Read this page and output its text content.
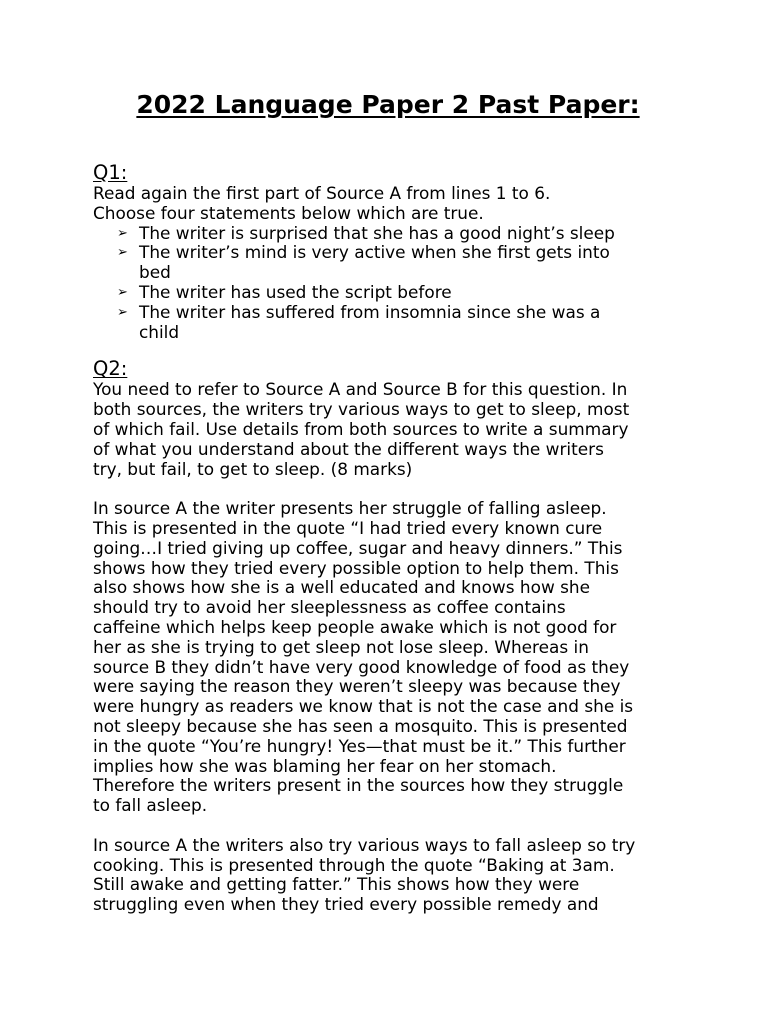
2022 Language Paper 2 Past Paper:
Q1:
Read again the first part of Source A from lines 1 to 6.
Choose four statements below which are true.
➢ The writer is surprised that she has a good night’s sleep
➢ The writer’s mind is very active when she first gets into
bed
➢ The writer has used the script before
➢ The writer has suffered from insomnia since she was a
child
Q2:
You need to refer to Source A and Source B for this question. In
both sources, the writers try various ways to get to sleep, most
of which fail. Use details from both sources to write a summary
of what you understand about the different ways the writers
try, but fail, to get to sleep. (8 marks)
In source A the writer presents her struggle of falling asleep.
This is presented in the quote “I had tried every known cure
going…I tried giving up coffee, sugar and heavy dinners.” This
shows how they tried every possible option to help them. This
also shows how she is a well educated and knows how she
should try to avoid her sleeplessness as coffee contains
caffeine which helps keep people awake which is not good for
her as she is trying to get sleep not lose sleep. Whereas in
source B they didn’t have very good knowledge of food as they
were saying the reason they weren’t sleepy was because they
were hungry as readers we know that is not the case and she is
not sleepy because she has seen a mosquito. This is presented
in the quote “You’re hungry! Yes—that must be it.” This further
implies how she was blaming her fear on her stomach.
Therefore the writers present in the sources how they struggle
to fall asleep.
In source A the writers also try various ways to fall asleep so try
cooking. This is presented through the quote “Baking at 3am.
Still awake and getting fatter.” This shows how they were
struggling even when they tried every possible remedy and
